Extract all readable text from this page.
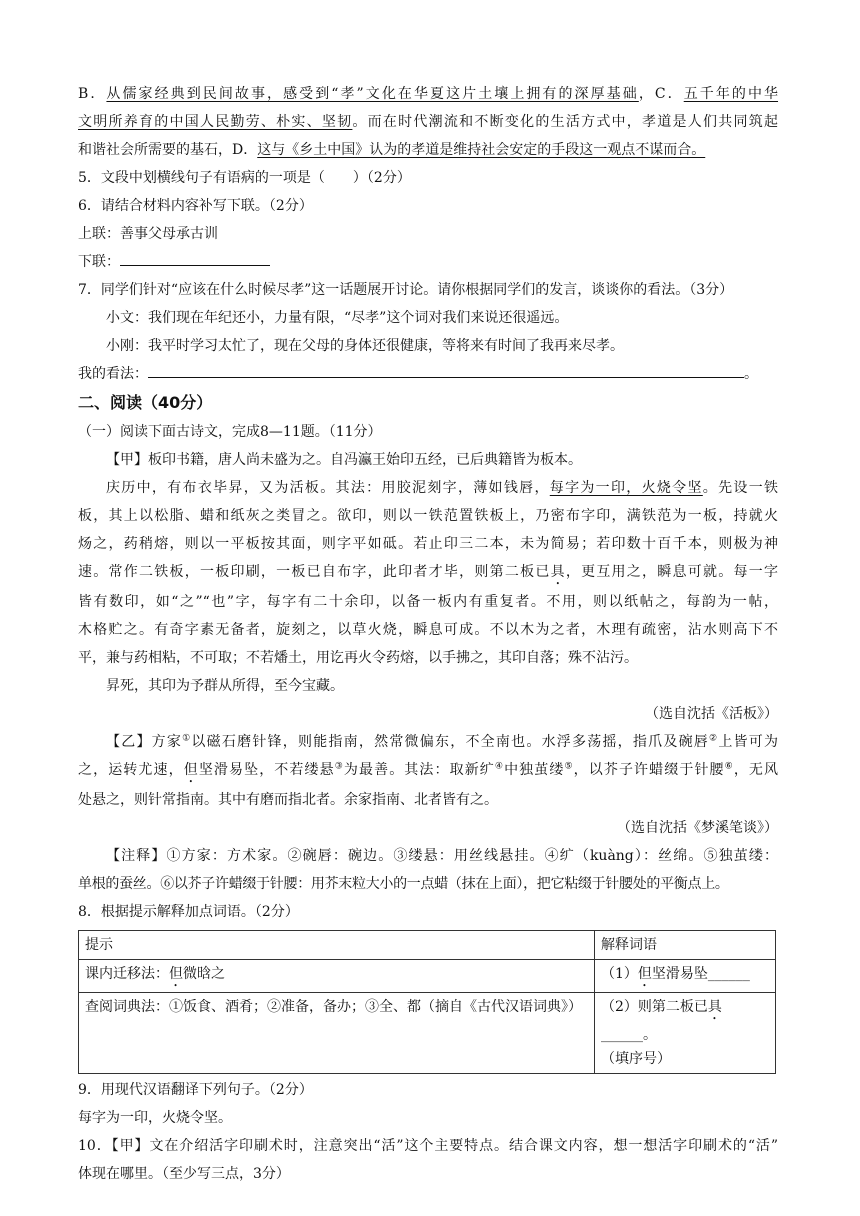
B．从儒家经典到民间故事，感受到“孝”文化在华夏这片土壤上拥有的深厚基础，C．五千年的中华
文明所养育的中国人民勤劳、朴实、坚韧。而在时代潮流和不断变化的生活方式中，孝道是人们共同筑起
和谐社会所需要的基石，D．这与《乡土中国》认为的孝道是维持社会安定的手段这一观点不谋而合。
5．文段中划横线句子有语病的一项是（　　）（2分）
6．请结合材料内容补写下联。（2分）
上联：善事父母承古训
下联：
7．同学们针对“应该在什么时候尽孝”这一话题展开讨论。请你根据同学们的发言，谈谈你的看法。（3分）
小文：我们现在年纪还小，力量有限，“尽孝”这个词对我们来说还很遥远。
小刚：我平时学习太忙了，现在父母的身体还很健康，等将来有时间了我再来尽孝。
我的看法：	。
二、阅读（40分）
（一）阅读下面古诗文，完成8—11题。（11分）
【甲】板印书籍，唐人尚未盛为之。自冯瀛王始印五经，已后典籍皆为板本。
庆历中，有布衣毕昇，又为活板。其法：用胶泥刻字，薄如钱唇，每字为一印，火烧令坚。先设一铁
板，其上以松脂、蜡和纸灰之类冒之。欲印，则以一铁范置铁板上，乃密布字印，满铁范为一板，持就火
炀之，药稍熔，则以一平板按其面，则字平如砥。若止印三二本，未为简易；若印数十百千本，则极为神
速。常作二铁板，一板印刷，一板已自布字，此印者才毕，则第二板已具，更互用之，瞬息可就。每一字
皆有数印，如“之”“也”字，每字有二十余印，以备一板内有重复者。不用，则以纸帖之，每韵为一帖，
木格贮之。有奇字素无备者，旋刻之，以草火烧，瞬息可成。不以木为之者，木理有疏密，沾水则高下不
平，兼与药相粘，不可取；不若燔土，用讫再火令药熔，以手拂之，其印自落；殊不沾污。
昇死，其印为予群从所得，至今宝藏。
（选自沈括《活板》）
【乙】方家①以磁石磨针锋，则能指南，然常微偏东，不全南也。水浮多荡摇，指爪及碗唇②上皆可为
之，运转尤速，但坚滑易坠，不若缕悬③为最善。其法：取新纩④中独茧缕⑤，以芥子许蜡缀于针腰⑥，无风
处悬之，则针常指南。其中有磨而指北者。余家指南、北者皆有之。
（选自沈括《梦溪笔谈》）
【注释】①方家：方术家。②碗唇：碗边。③缕悬：用丝线悬挂。④纩（kuàng）：丝绵。⑤独茧缕：
单根的蚕丝。⑥以芥子许蜡缀于针腰：用芥末粒大小的一点蜡（抹在上面），把它粘缀于针腰处的平衡点上。
8．根据提示解释加点词语。（2分）
提示	解释词语
课内迁移法：但微晗之	（1）但坚滑易坠______
查阅词典法：①饭食、酒肴；②准备，备办；③全、都（摘自《古代汉语词典》）	（2）则第二板已具______。
（填序号）
9．用现代汉语翻译下列句子。（2分）
每字为一印，火烧令坚。
10．【甲】文在介绍活字印刷术时，注意突出“活”这个主要特点。结合课文内容，想一想活字印刷术的“活”
体现在哪里。（至少写三点，3分）
